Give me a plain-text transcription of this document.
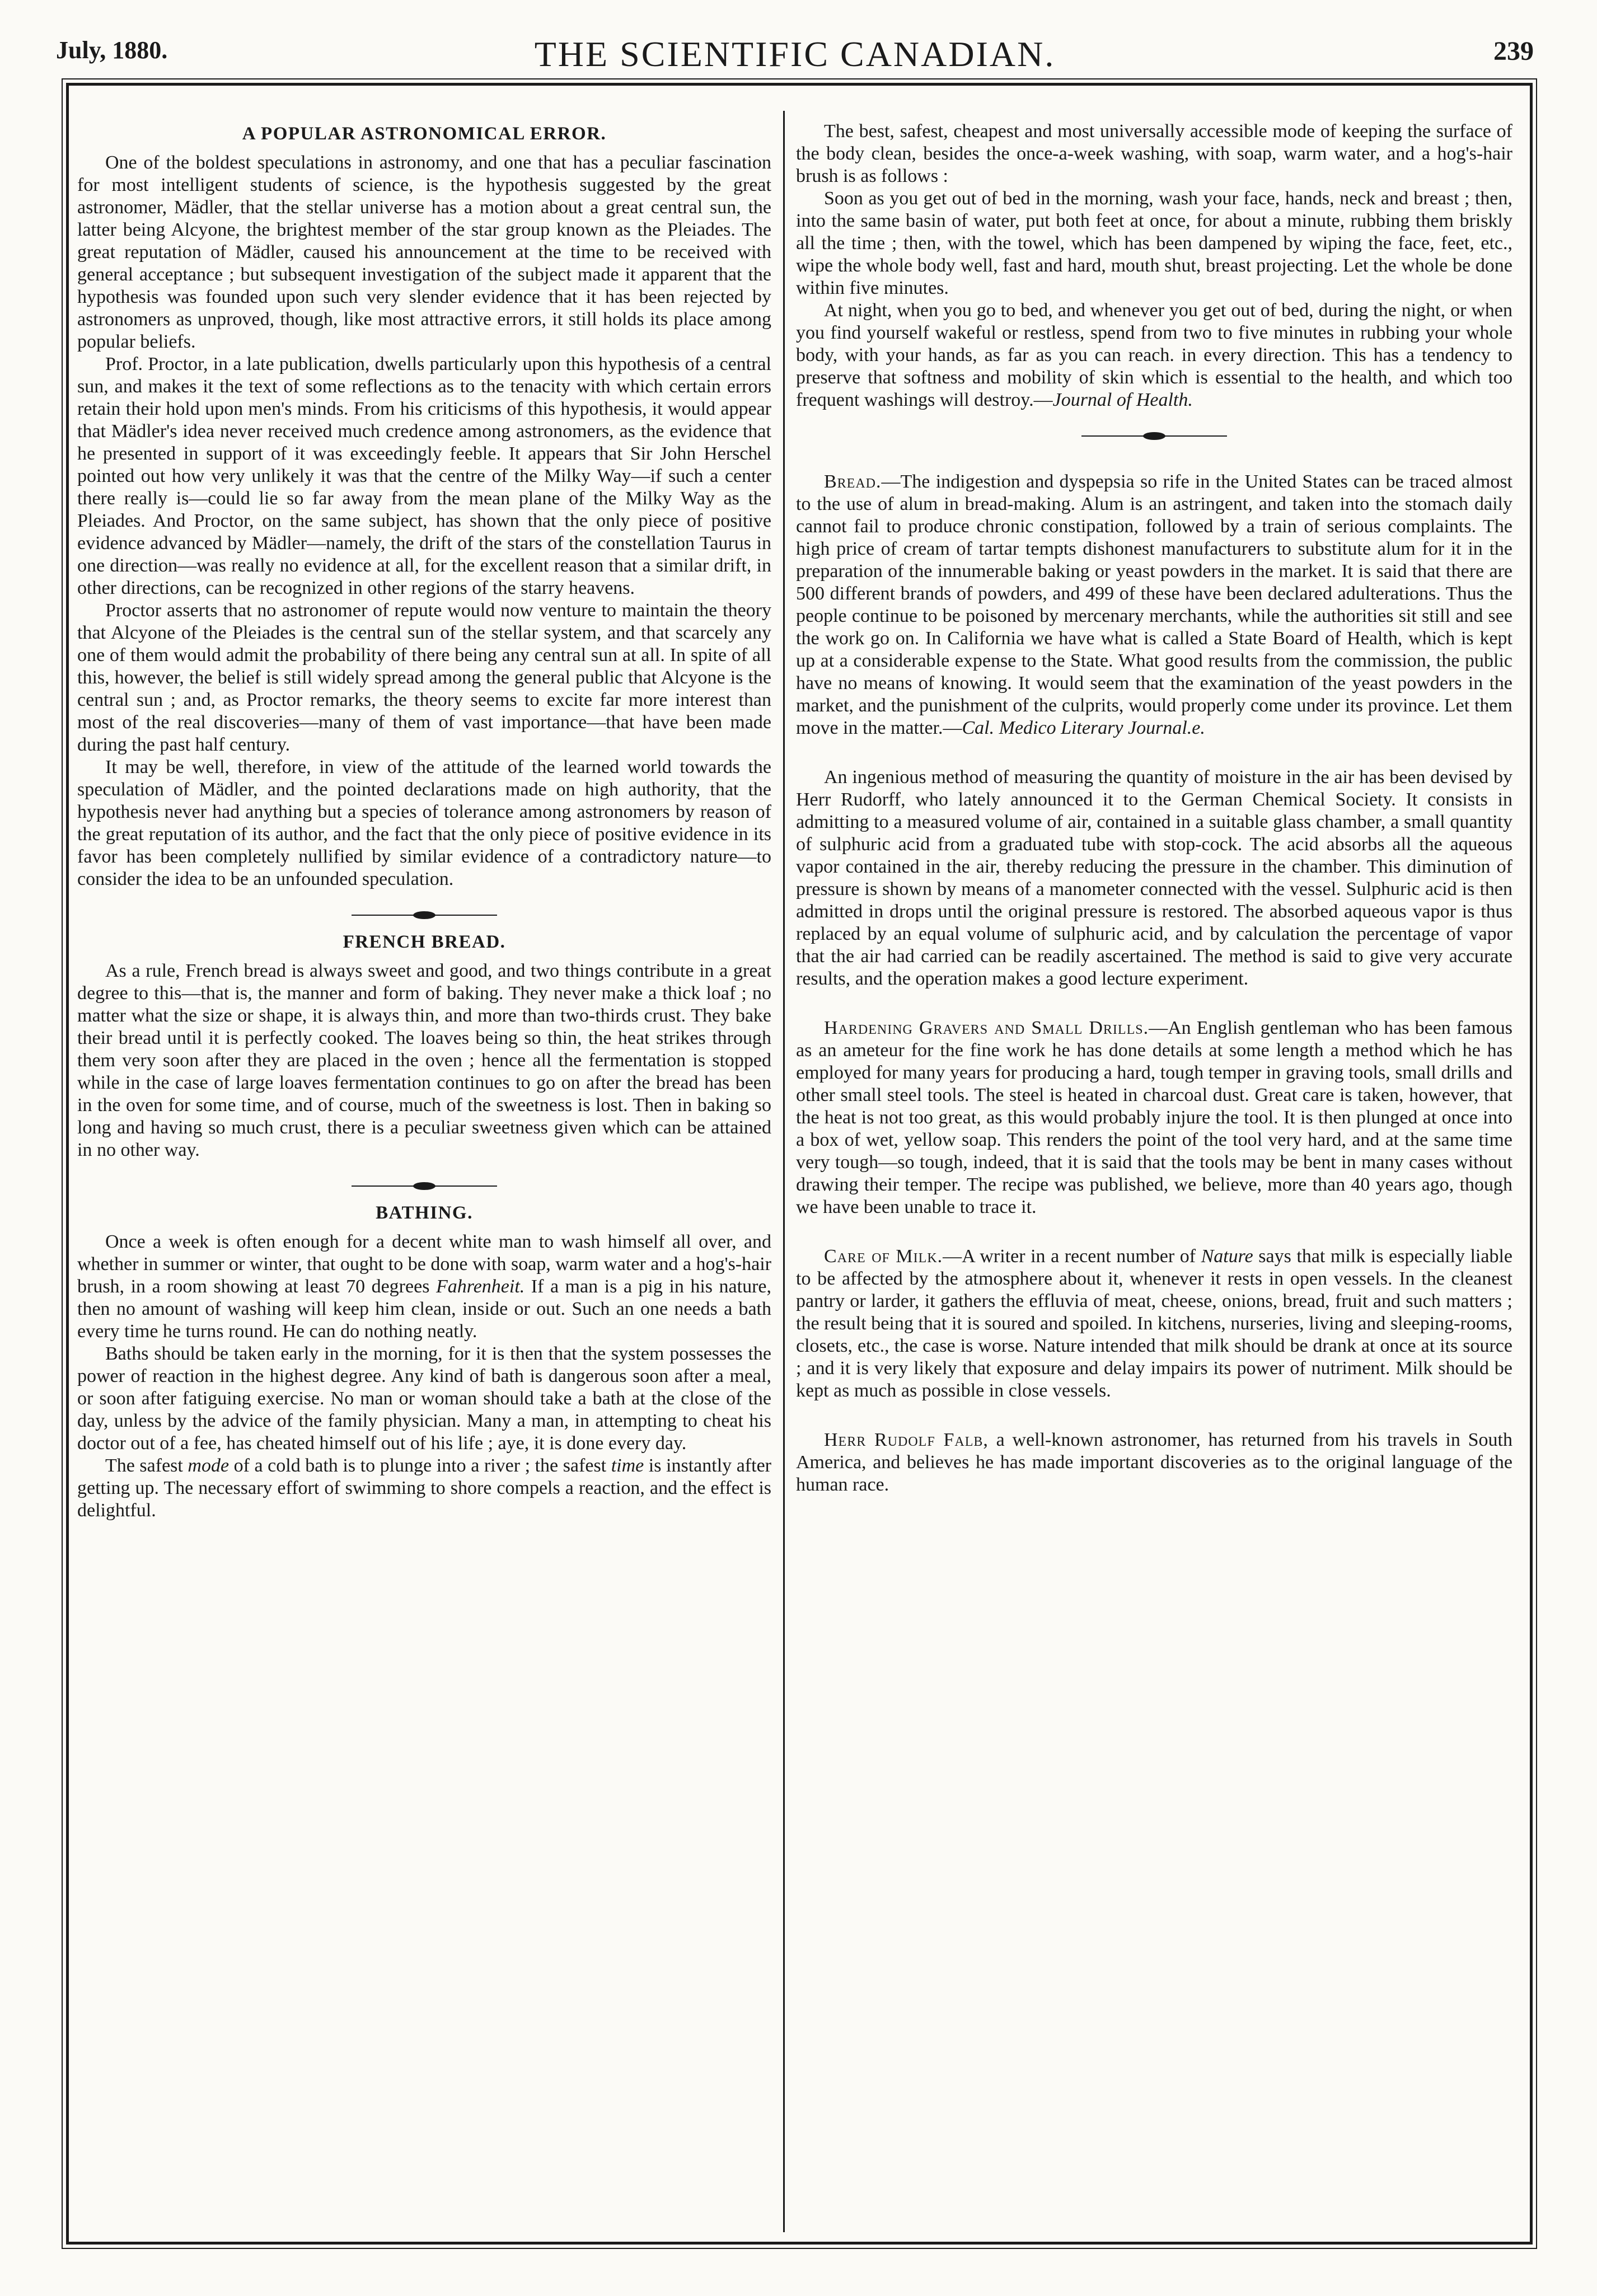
July, 1880.	THE SCIENTIFIC CANADIAN.	239
A POPULAR ASTRONOMICAL ERROR.

One of the boldest speculations in astronomy, and one that has a peculiar fascination for most intelligent students of science, is the hypothesis suggested by the great astronomer, Mädler, that the stellar universe has a motion about a great central sun, the latter being Alcyone, the brightest member of the star group known as the Pleiades. The great reputation of Mädler, caused his announcement at the time to be received with general acceptance ; but subsequent investigation of the subject made it apparent that the hypothesis was founded upon such very slender evidence that it has been rejected by astronomers as unproved, though, like most attractive errors, it still holds its place among popular beliefs.

Prof. Proctor, in a late publication, dwells particularly upon this hypothesis of a central sun, and makes it the text of some reflections as to the tenacity with which certain errors retain their hold upon men's minds. From his criticisms of this hypothesis, it would appear that Mädler's idea never received much credence among astronomers, as the evidence that he presented in support of it was exceedingly feeble. It appears that Sir John Herschel pointed out how very unlikely it was that the centre of the Milky Way—if such a center there really is—could lie so far away from the mean plane of the Milky Way as the Pleiades. And Proctor, on the same subject, has shown that the only piece of positive evidence advanced by Mädler—namely, the drift of the stars of the constellation Taurus in one direction—was really no evidence at all, for the excellent reason that a similar drift, in other directions, can be recognized in other regions of the starry heavens.

Proctor asserts that no astronomer of repute would now venture to maintain the theory that Alcyone of the Pleiades is the central sun of the stellar system, and that scarcely any one of them would admit the probability of there being any central sun at all. In spite of all this, however, the belief is still widely spread among the general public that Alcyone is the central sun ; and, as Proctor remarks, the theory seems to excite far more interest than most of the real discoveries—many of them of vast importance—that have been made during the past half century.

It may be well, therefore, in view of the attitude of the learned world towards the speculation of Mädler, and the pointed declarations made on high authority, that the hypothesis never had anything but a species of tolerance among astronomers by reason of the great reputation of its author, and the fact that the only piece of positive evidence in its favor has been completely nullified by similar evidence of a contradictory nature—to consider the idea to be an unfounded speculation.

FRENCH BREAD.

As a rule, French bread is always sweet and good, and two things contribute in a great degree to this—that is, the manner and form of baking. They never make a thick loaf ; no matter what the size or shape, it is always thin, and more than two-thirds crust. They bake their bread until it is perfectly cooked. The loaves being so thin, the heat strikes through them very soon after they are placed in the oven ; hence all the fermentation is stopped while in the case of large loaves fermentation continues to go on after the bread has been in the oven for some time, and of course, much of the sweetness is lost. Then in baking so long and having so much crust, there is a peculiar sweetness given which can be attained in no other way.

BATHING.

Once a week is often enough for a decent white man to wash himself all over, and whether in summer or winter, that ought to be done with soap, warm water and a hog's-hair brush, in a room showing at least 70 degrees Fahrenheit. If a man is a pig in his nature, then no amount of washing will keep him clean, inside or out. Such an one needs a bath every time he turns round. He can do nothing neatly.

Baths should be taken early in the morning, for it is then that the system possesses the power of reaction in the highest degree. Any kind of bath is dangerous soon after a meal, or soon after fatiguing exercise. No man or woman should take a bath at the close of the day, unless by the advice of the family physician. Many a man, in attempting to cheat his doctor out of a fee, has cheated himself out of his life ; aye, it is done every day.

The safest mode of a cold bath is to plunge into a river ; the safest time is instantly after getting up. The necessary effort of swimming to shore compels a reaction, and the effect is delightful.

The best, safest, cheapest and most universally accessible mode of keeping the surface of the body clean, besides the once-a-week washing, with soap, warm water, and a hog's-hair brush is as follows :

Soon as you get out of bed in the morning, wash your face, hands, neck and breast ; then, into the same basin of water, put both feet at once, for about a minute, rubbing them briskly all the time ; then, with the towel, which has been dampened by wiping the face, feet, etc., wipe the whole body well, fast and hard, mouth shut, breast projecting. Let the whole be done within five minutes.

At night, when you go to bed, and whenever you get out of bed, during the night, or when you find yourself wakeful or restless, spend from two to five minutes in rubbing your whole body, with your hands, as far as you can reach. in every direction. This has a tendency to preserve that softness and mobility of skin which is essential to the health, and which too frequent washings will destroy.—Journal of Health.

Bread.—The indigestion and dyspepsia so rife in the United States can be traced almost to the use of alum in bread-making. Alum is an astringent, and taken into the stomach daily cannot fail to produce chronic constipation, followed by a train of serious complaints. The high price of cream of tartar tempts dishonest manufacturers to substitute alum for it in the preparation of the innumerable baking or yeast powders in the market. It is said that there are 500 different brands of powders, and 499 of these have been declared adulterations. Thus the people continue to be poisoned by mercenary merchants, while the authorities sit still and see the work go on. In California we have what is called a State Board of Health, which is kept up at a considerable expense to the State. What good results from the commission, the public have no means of knowing. It would seem that the examination of the yeast powders in the market, and the punishment of the culprits, would properly come under its province. Let them move in the matter.—Cal. Medico Literary Journal.e.

An ingenious method of measuring the quantity of moisture in the air has been devised by Herr Rudorff, who lately announced it to the German Chemical Society. It consists in admitting to a measured volume of air, contained in a suitable glass chamber, a small quantity of sulphuric acid from a graduated tube with stop-cock. The acid absorbs all the aqueous vapor contained in the air, thereby reducing the pressure in the chamber. This diminution of pressure is shown by means of a manometer connected with the vessel. Sulphuric acid is then admitted in drops until the original pressure is restored. The absorbed aqueous vapor is thus replaced by an equal volume of sulphuric acid, and by calculation the percentage of vapor that the air had carried can be readily ascertained. The method is said to give very accurate results, and the operation makes a good lecture experiment.

Hardening Gravers and Small Drills.—An English gentleman who has been famous as an ameteur for the fine work he has done details at some length a method which he has employed for many years for producing a hard, tough temper in graving tools, small drills and other small steel tools. The steel is heated in charcoal dust. Great care is taken, however, that the heat is not too great, as this would probably injure the tool. It is then plunged at once into a box of wet, yellow soap. This renders the point of the tool very hard, and at the same time very tough—so tough, indeed, that it is said that the tools may be bent in many cases without drawing their temper. The recipe was published, we believe, more than 40 years ago, though we have been unable to trace it.

Care of Milk.—A writer in a recent number of Nature says that milk is especially liable to be affected by the atmosphere about it, whenever it rests in open vessels. In the cleanest pantry or larder, it gathers the effluvia of meat, cheese, onions, bread, fruit and such matters ; the result being that it is soured and spoiled. In kitchens, nurseries, living and sleeping-rooms, closets, etc., the case is worse. Nature intended that milk should be drank at once at its source ; and it is very likely that exposure and delay impairs its power of nutriment. Milk should be kept as much as possible in close vessels.

Herr Rudolf Falb, a well-known astronomer, has returned from his travels in South America, and believes he has made important discoveries as to the original language of the human race.
